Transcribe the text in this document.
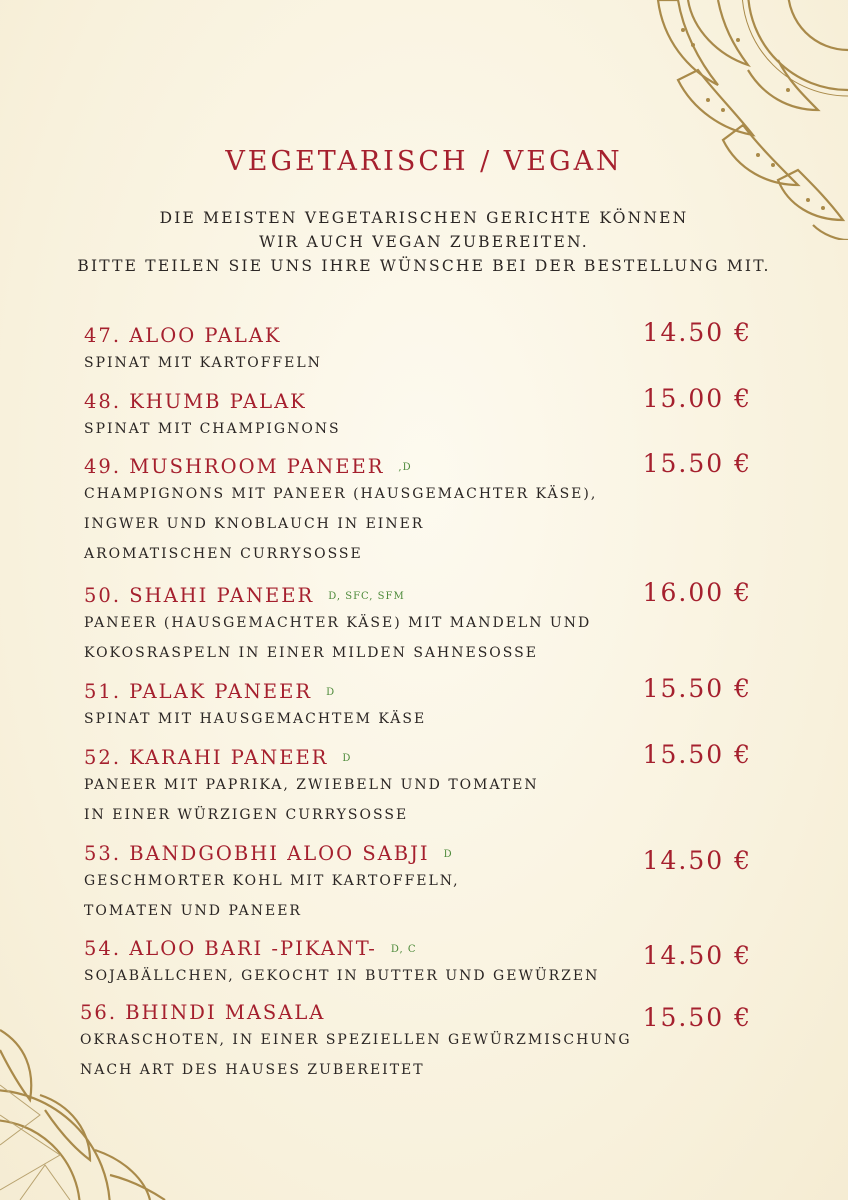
VEGETARISCH / VEGAN
DIE MEISTEN VEGETARISCHEN GERICHTE KÖNNEN
WIR AUCH VEGAN ZUBEREITEN.
BITTE TEILEN SIE UNS IHRE WÜNSCHE BEI DER BESTELLUNG MIT.
47. ALOO PALAK
SPINAT MIT KARTOFFELN
14.50 €
48. KHUMB PALAK
SPINAT MIT CHAMPIGNONS
15.00 €
49. MUSHROOM PANEER ,D
CHAMPIGNONS MIT PANEER (HAUSGEMACHTER KÄSE),
INGWER UND KNOBLAUCH IN EINER
AROMATISCHEN CURRYSOSSE
15.50 €
50. SHAHI PANEER D, SFC, SFM
PANEER (HAUSGEMACHTER KÄSE) MIT MANDELN UND
KOKOSRASPELN IN EINER MILDEN SAHNESOSSE
16.00 €
51. PALAK PANEER D
SPINAT MIT HAUSGEMACHTEM KÄSE
15.50 €
52. KARAHI PANEER D
PANEER MIT PAPRIKA, ZWIEBELN UND TOMATEN
IN EINER WÜRZIGEN CURRYSOSSE
15.50 €
53. BANDGOBHI ALOO SABJI D
GESCHMORTER KOHL MIT KARTOFFELN,
TOMATEN UND PANEER
14.50 €
54. ALOO BARI -PIKANT- D, C
SOJABÄLLCHEN, GEKOCHT IN BUTTER UND GEWÜRZEN
14.50 €
56. BHINDI MASALA
OKRASCHOTEN, IN EINER SPEZIELLEN GEWÜRZMISCHUNG
NACH ART DES HAUSES ZUBEREITET
15.50 €
